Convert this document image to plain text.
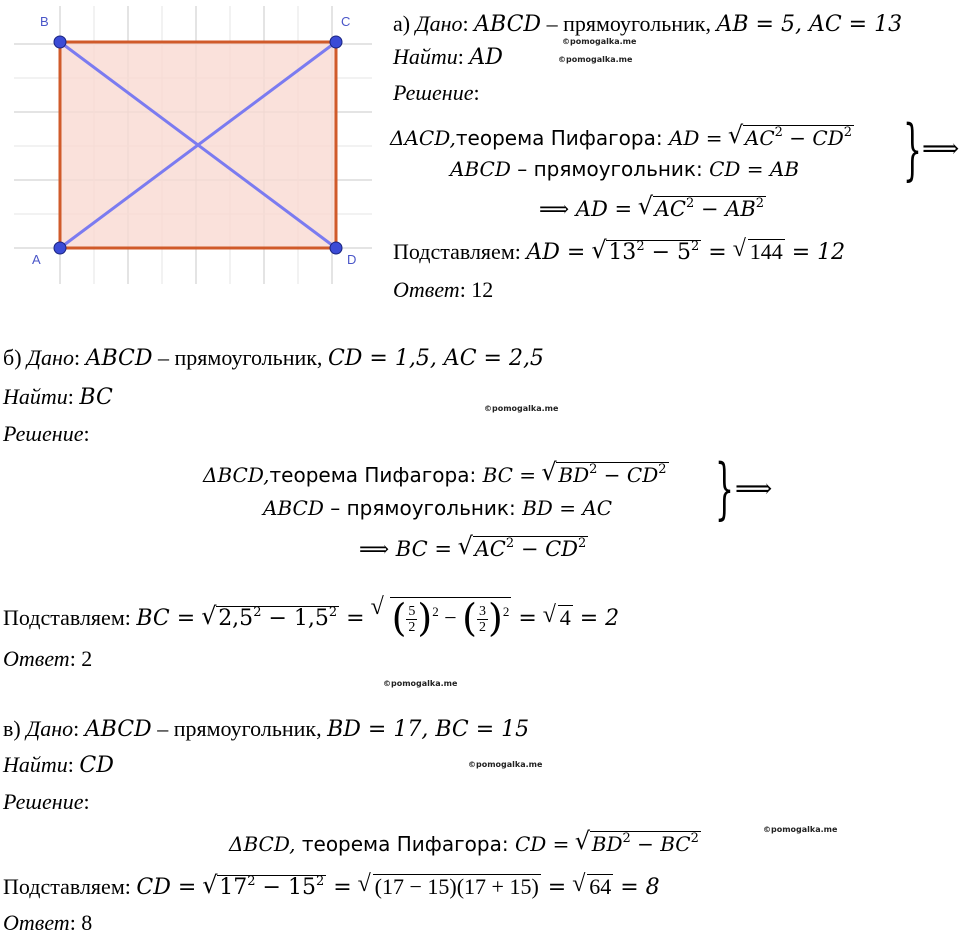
B	C
A	D
а) Дано: ABCD – прямоугольник, AB = 5, AC = 13
©pomogalka.me
Найти: AD	©pomogalka.me
Решение:
ΔACD,теорема Пифагора: AD = √ $AC^2 - CD^2$
ABCD – прямоугольник: CD = AB } ⟹
⟹ AD = √ $AC^2 - AB^2$
Подставляем: AD = √ $13^2 - 5^2$ = √ 144 = 12
Ответ: 12
б) Дано: ABCD – прямоугольник, CD = 1,5, AC = 2,5
Найти: BC	©pomogalka.me
Решение:
ΔBCD,теорема Пифагора: BC = √ $BD^2 - CD^2$
ABCD – прямоугольник: BD = AC } ⟹
⟹ BC = √ $AC^2 - CD^2$
Подставляем: BC = √ $2,5^2 - 1,5^2$ = √ ( $\frac{5}{2} )^2$ − ( $\frac{3}{2} )^2$ = √ 4 = 2
Ответ: 2
©pomogalka.me
в) Дано: ABCD – прямоугольник, BD = 17, BC = 15
Найти: CD	©pomogalka.me
Решение:
©pomogalka.me
ΔBCD, теорема Пифагора: CD = √ $BD^2 - BC^2$
Подставляем: CD = √ $17^2 - 15^2$ = √ (17 − 15)(17 + 15) = √ 64 = 8
Ответ: 8
